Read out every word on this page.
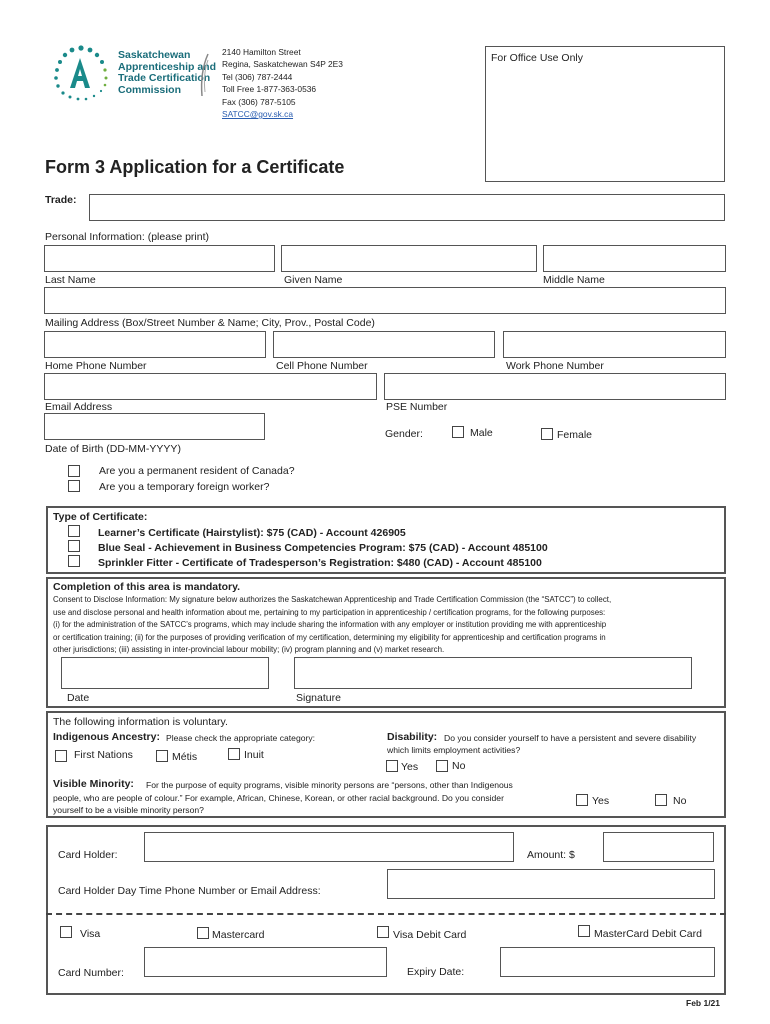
Saskatchewan
Apprenticeship and
Trade Certification
Commission
2140 Hamilton Street
Regina, Saskatchewan S4P 2E3
Tel (306) 787-2444
Toll Free 1-877-363-0536
Fax (306) 787-5105
SATCC@gov.sk.ca
For Office Use Only
Form 3 Application for a Certificate
Trade:
Personal Information: (please print)
Last Name	Given Name	Middle Name
Mailing Address (Box/Street Number & Name; City, Prov., Postal Code)
Home Phone Number	Cell Phone Number	Work Phone Number
Email Address	PSE Number
Gender:	Male	Female
Date of Birth (DD-MM-YYYY)
Are you a permanent resident of Canada?
Are you a temporary foreign worker?
Type of Certificate:
Learner’s Certificate (Hairstylist): $75 (CAD) - Account 426905
Blue Seal - Achievement in Business Competencies Program: $75 (CAD) - Account 485100
Sprinkler Fitter - Certificate of Tradesperson’s Registration: $480 (CAD) - Account 485100
Completion of this area is mandatory.
Consent to Disclose Information: My signature below authorizes the Saskatchewan Apprenticeship and Trade Certification Commission (the “SATCC”) to collect,
use and disclose personal and health information about me, pertaining to my participation in apprenticeship / certification programs, for the following purposes:
(i) for the administration of the SATCC’s programs, which may include sharing the information with any employer or institution providing me with apprenticeship
or certification training; (ii) for the purposes of providing verification of my certification, determining my eligibility for apprenticeship and certification programs in
other jurisdictions; (iii) assisting in inter-provincial labour mobility; (iv) program planning and (v) market research.
Date	Signature
The following information is voluntary.
Indigenous Ancestry: Please check the appropriate category:
First Nations	Métis	Inuit
Disability: Do you consider yourself to have a persistent and severe disability
which limits employment activities?
Yes	No
Visible Minority: For the purpose of equity programs, visible minority persons are “persons, other than Indigenous
people, who are people of colour.” For example, African, Chinese, Korean, or other racial background. Do you consider
yourself to be a visible minority person?
Yes	No
Card Holder:	Amount: $
Card Holder Day Time Phone Number or Email Address:
Visa	Mastercard	Visa Debit Card	MasterCard Debit Card
Card Number:	Expiry Date:
Feb 1/21
